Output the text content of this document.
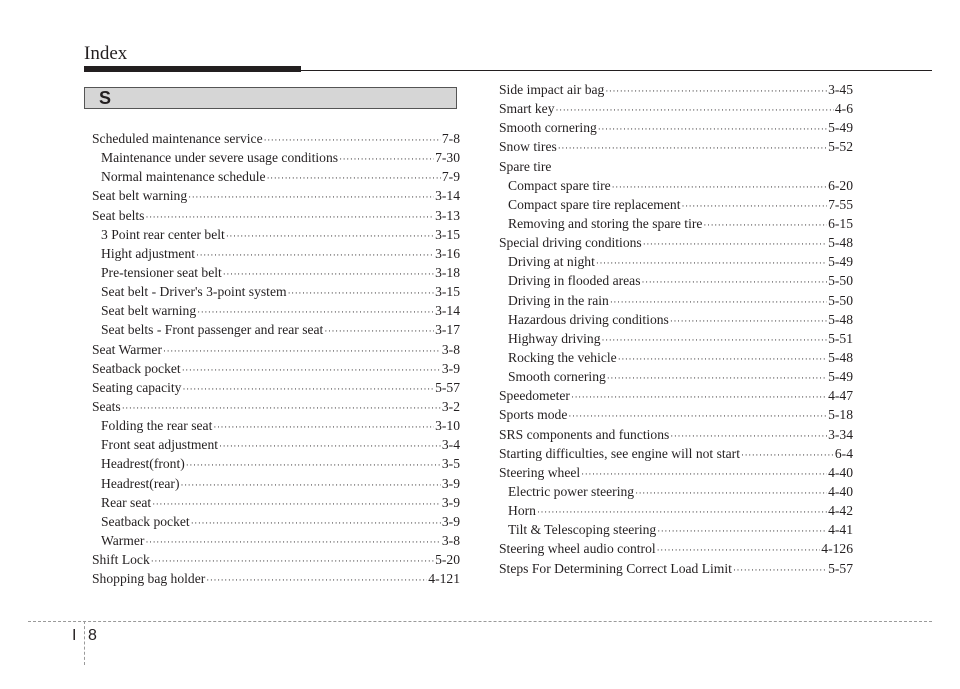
Index
S
Scheduled maintenance service ·····	7-8
Maintenance under severe usage conditions ·····	7-30
Normal maintenance schedule ·····	7-9
Seat belt warning ·····	3-14
Seat belts ·····	3-13
3 Point rear center belt ·····	3-15
Hight adjustment ·····	3-16
Pre-tensioner seat belt ·····	3-18
Seat belt - Driver's 3-point system ·····	3-15
Seat belt warning ·····	3-14
Seat belts - Front passenger and rear seat ·····	3-17
Seat Warmer ·····	3-8
Seatback pocket ·····	3-9
Seating capacity ·····	5-57
Seats ·····	3-2
Folding the rear seat ·····	3-10
Front seat adjustment ·····	3-4
Headrest(front) ·····	3-5
Headrest(rear) ·····	3-9
Rear seat ·····	3-9
Seatback pocket ·····	3-9
Warmer ·····	3-8
Shift Lock ·····	5-20
Shopping bag holder ·····	4-121
Side impact air bag ·····	3-45
Smart key ·····	4-6
Smooth cornering ·····	5-49
Snow tires ·····	5-52
Spare tire
Compact spare tire ·····	6-20
Compact spare tire replacement ·····	7-55
Removing and storing the spare tire ·····	6-15
Special driving conditions ·····	5-48
Driving at night ·····	5-49
Driving in flooded areas ·····	5-50
Driving in the rain ·····	5-50
Hazardous driving conditions ·····	5-48
Highway driving ·····	5-51
Rocking the vehicle ·····	5-48
Smooth cornering ·····	5-49
Speedometer ·····	4-47
Sports mode ·····	5-18
SRS components and functions ·····	3-34
Starting difficulties, see engine will not start ·····	6-4
Steering wheel ·····	4-40
Electric power steering ·····	4-40
Horn ·····	4-42
Tilt & Telescoping steering ·····	4-41
Steering wheel audio control ·····	4-126
Steps For Determining Correct Load Limit ·····	5-57
I 8
